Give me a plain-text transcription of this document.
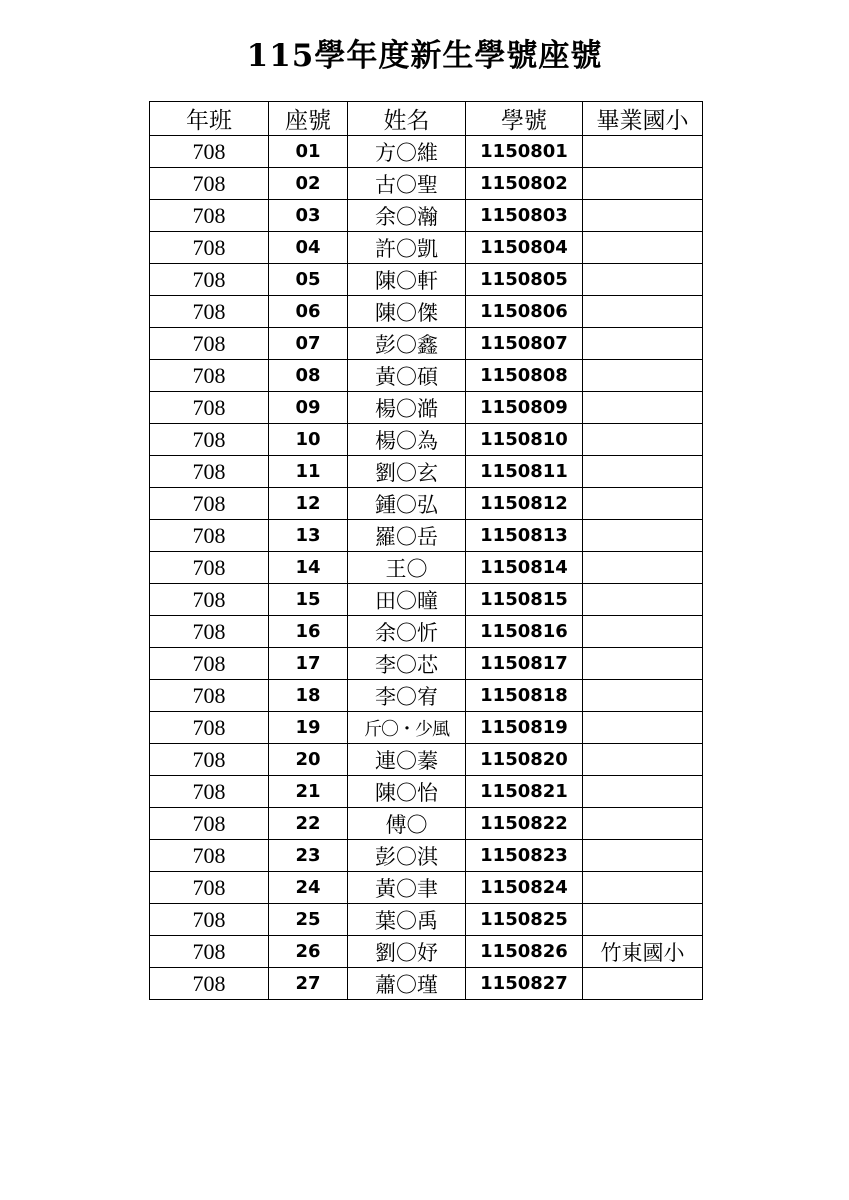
115學年度新生學號座號
年班	座號	姓名	學號	畢業國小
708	01	方〇維	1150801	
708	02	古〇聖	1150802	
708	03	余〇瀚	1150803	
708	04	許〇凱	1150804	
708	05	陳〇軒	1150805	
708	06	陳〇傑	1150806	
708	07	彭〇鑫	1150807	
708	08	黃〇碩	1150808	
708	09	楊〇澔	1150809	
708	10	楊〇為	1150810	
708	11	劉〇玄	1150811	
708	12	鍾〇弘	1150812	
708	13	羅〇岳	1150813	
708	14	王〇	1150814	
708	15	田〇曈	1150815	
708	16	余〇忻	1150816	
708	17	李〇芯	1150817	
708	18	李〇宥	1150818	
708	19	斤〇・少風	1150819	
708	20	連〇蓁	1150820	
708	21	陳〇怡	1150821	
708	22	傅〇	1150822	
708	23	彭〇淇	1150823	
708	24	黃〇聿	1150824	
708	25	葉〇禹	1150825	
708	26	劉〇妤	1150826	竹東國小
708	27	蕭〇瑾	1150827	
